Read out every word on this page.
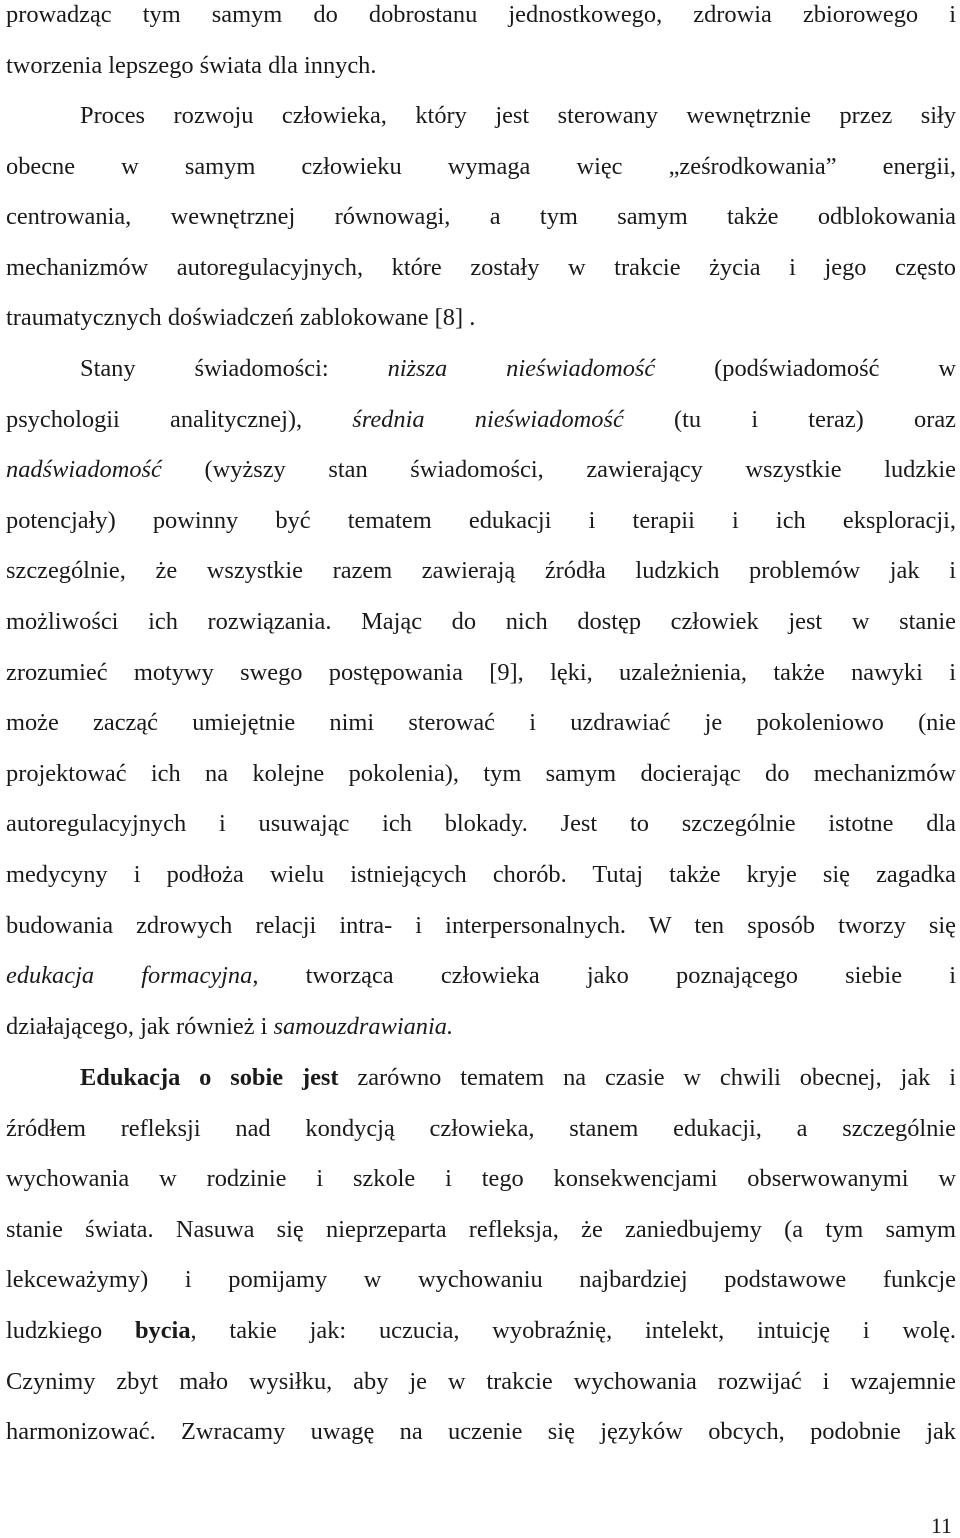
prowadząc tym samym do dobrostanu jednostkowego, zdrowia zbiorowego i
tworzenia lepszego świata dla innych.
Proces rozwoju człowieka, który jest sterowany wewnętrznie przez siły
obecne w samym człowieku wymaga więc „ześrodkowania” energii,
centrowania, wewnętrznej równowagi, a tym samym także odblokowania
mechanizmów autoregulacyjnych, które zostały w trakcie życia i jego często
traumatycznych doświadczeń zablokowane [8] .
Stany świadomości: niższa nieświadomość (podświadomość w
psychologii analitycznej), średnia nieświadomość (tu i teraz) oraz
nadświadomość (wyższy stan świadomości, zawierający wszystkie ludzkie
potencjały) powinny być tematem edukacji i terapii i ich eksploracji,
szczególnie, że wszystkie razem zawierają źródła ludzkich problemów jak i
możliwości ich rozwiązania. Mając do nich dostęp człowiek jest w stanie
zrozumieć motywy swego postępowania [9], lęki, uzależnienia, także nawyki i
może zacząć umiejętnie nimi sterować i uzdrawiać je pokoleniowo (nie
projektować ich na kolejne pokolenia), tym samym docierając do mechanizmów
autoregulacyjnych i usuwając ich blokady. Jest to szczególnie istotne dla
medycyny i podłoża wielu istniejących chorób. Tutaj także kryje się zagadka
budowania zdrowych relacji intra- i interpersonalnych. W ten sposób tworzy się
edukacja formacyjna, tworząca człowieka jako poznającego siebie i
działającego, jak również i samouzdrawiania.
Edukacja o sobie jest zarówno tematem na czasie w chwili obecnej, jak i
źródłem refleksji nad kondycją człowieka, stanem edukacji, a szczególnie
wychowania w rodzinie i szkole i tego konsekwencjami obserwowanymi w
stanie świata. Nasuwa się nieprzeparta refleksja, że zaniedbujemy (a tym samym
lekceważymy) i pomijamy w wychowaniu najbardziej podstawowe funkcje
ludzkiego bycia, takie jak: uczucia, wyobraźnię, intelekt, intuicję i wolę.
Czynimy zbyt mało wysiłku, aby je w trakcie wychowania rozwijać i wzajemnie
harmonizować. Zwracamy uwagę na uczenie się języków obcych, podobnie jak
11
